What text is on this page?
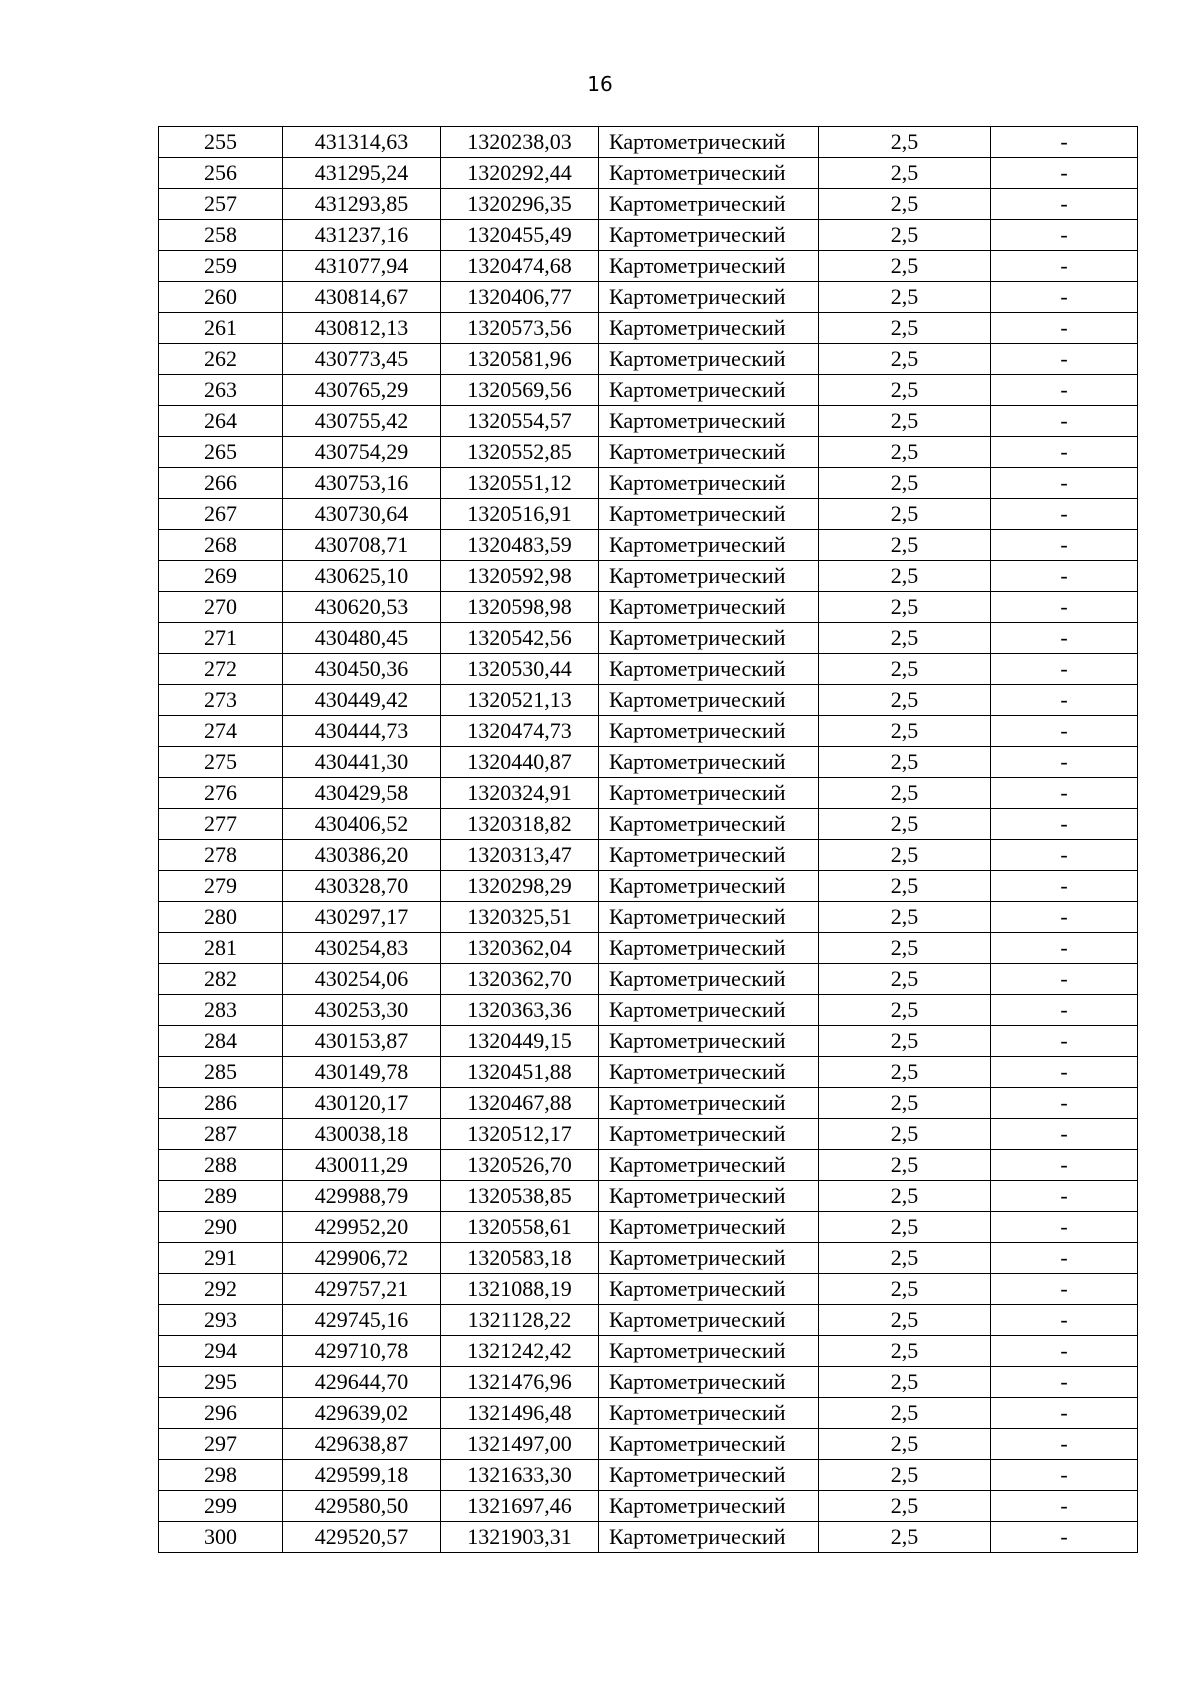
16
255	431314,63	1320238,03	Картометрический	2,5	-
256	431295,24	1320292,44	Картометрический	2,5	-
257	431293,85	1320296,35	Картометрический	2,5	-
258	431237,16	1320455,49	Картометрический	2,5	-
259	431077,94	1320474,68	Картометрический	2,5	-
260	430814,67	1320406,77	Картометрический	2,5	-
261	430812,13	1320573,56	Картометрический	2,5	-
262	430773,45	1320581,96	Картометрический	2,5	-
263	430765,29	1320569,56	Картометрический	2,5	-
264	430755,42	1320554,57	Картометрический	2,5	-
265	430754,29	1320552,85	Картометрический	2,5	-
266	430753,16	1320551,12	Картометрический	2,5	-
267	430730,64	1320516,91	Картометрический	2,5	-
268	430708,71	1320483,59	Картометрический	2,5	-
269	430625,10	1320592,98	Картометрический	2,5	-
270	430620,53	1320598,98	Картометрический	2,5	-
271	430480,45	1320542,56	Картометрический	2,5	-
272	430450,36	1320530,44	Картометрический	2,5	-
273	430449,42	1320521,13	Картометрический	2,5	-
274	430444,73	1320474,73	Картометрический	2,5	-
275	430441,30	1320440,87	Картометрический	2,5	-
276	430429,58	1320324,91	Картометрический	2,5	-
277	430406,52	1320318,82	Картометрический	2,5	-
278	430386,20	1320313,47	Картометрический	2,5	-
279	430328,70	1320298,29	Картометрический	2,5	-
280	430297,17	1320325,51	Картометрический	2,5	-
281	430254,83	1320362,04	Картометрический	2,5	-
282	430254,06	1320362,70	Картометрический	2,5	-
283	430253,30	1320363,36	Картометрический	2,5	-
284	430153,87	1320449,15	Картометрический	2,5	-
285	430149,78	1320451,88	Картометрический	2,5	-
286	430120,17	1320467,88	Картометрический	2,5	-
287	430038,18	1320512,17	Картометрический	2,5	-
288	430011,29	1320526,70	Картометрический	2,5	-
289	429988,79	1320538,85	Картометрический	2,5	-
290	429952,20	1320558,61	Картометрический	2,5	-
291	429906,72	1320583,18	Картометрический	2,5	-
292	429757,21	1321088,19	Картометрический	2,5	-
293	429745,16	1321128,22	Картометрический	2,5	-
294	429710,78	1321242,42	Картометрический	2,5	-
295	429644,70	1321476,96	Картометрический	2,5	-
296	429639,02	1321496,48	Картометрический	2,5	-
297	429638,87	1321497,00	Картометрический	2,5	-
298	429599,18	1321633,30	Картометрический	2,5	-
299	429580,50	1321697,46	Картометрический	2,5	-
300	429520,57	1321903,31	Картометрический	2,5	-
